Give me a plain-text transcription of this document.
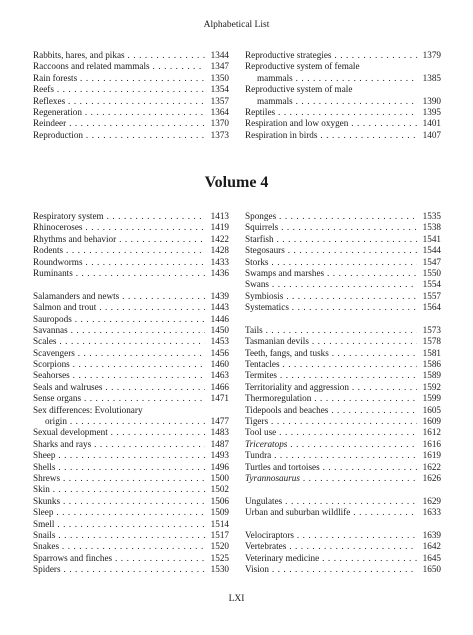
Alphabetical List
Rabbits, hares, and pikas . . .	1344
Raccoons and related mammals . . .	1347
Rain forests . . .	1350
Reefs . . .	1354
Reflexes . . .	1357
Regeneration . . .	1364
Reindeer . . .	1370
Reproduction . . .	1373
Reproductive strategies . . .	1379
Reproductive system of female
mammals . . .	1385
Reproductive system of male
mammals . . .	1390
Reptiles . . .	1395
Respiration and low oxygen . . .	1401
Respiration in birds . . .	1407
Volume 4
Respiratory system . . .	1413
Rhinoceroses . . .	1419
Rhythms and behavior . . .	1422
Rodents . . .	1428
Roundworms . . .	1433
Ruminants . . .	1436
Salamanders and newts . . .	1439
Salmon and trout . . .	1443
Sauropods . . .	1446
Savannas . . .	1450
Scales . . .	1453
Scavengers . . .	1456
Scorpions . . .	1460
Seahorses . . .	1463
Seals and walruses . . .	1466
Sense organs . . .	1471
Sex differences: Evolutionary
origin . . .	1477
Sexual development . . .	1483
Sharks and rays . . .	1487
Sheep . . .	1493
Shells . . .	1496
Shrews . . .	1500
Skin . . .	1502
Skunks . . .	1506
Sleep . . .	1509
Smell . . .	1514
Snails . . .	1517
Snakes . . .	1520
Sparrows and finches . . .	1525
Spiders . . .	1530
Sponges . . .	1535
Squirrels . . .	1538
Starfish . . .	1541
Stegosaurs . . .	1544
Storks . . .	1547
Swamps and marshes . . .	1550
Swans . . .	1554
Symbiosis . . .	1557
Systematics . . .	1564
Tails . . .	1573
Tasmanian devils . . .	1578
Teeth, fangs, and tusks . . .	1581
Tentacles . . .	1586
Termites . . .	1589
Territoriality and aggression . . .	1592
Thermoregulation . . .	1599
Tidepools and beaches . . .	1605
Tigers . . .	1609
Tool use . . .	1612
Triceratops . . .	1616
Tundra . . .	1619
Turtles and tortoises . . .	1622
Tyrannosaurus . . .	1626
Ungulates . . .	1629
Urban and suburban wildlife . . .	1633
Velociraptors . . .	1639
Vertebrates . . .	1642
Veterinary medicine . . .	1645
Vision . . .	1650
LXI
